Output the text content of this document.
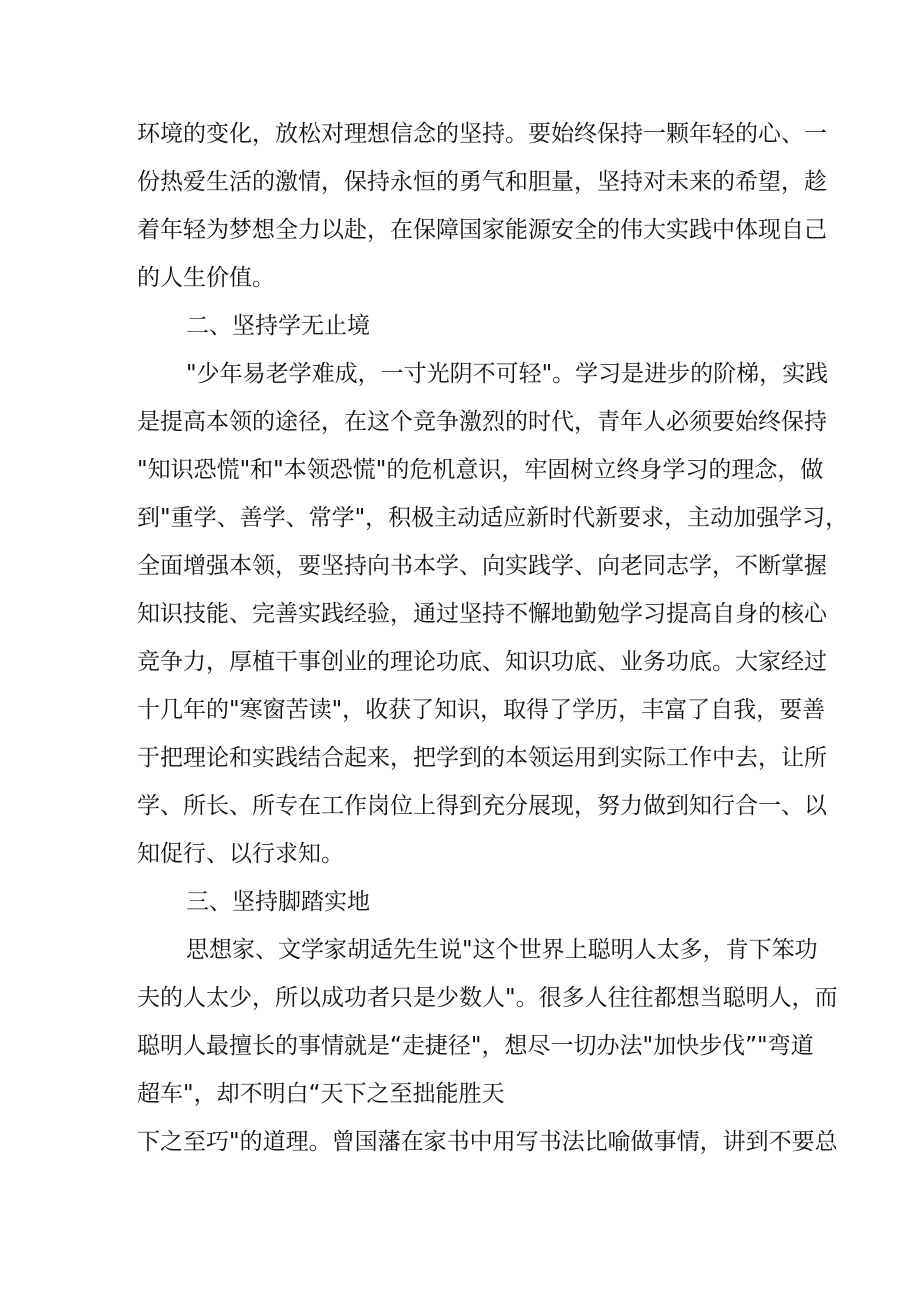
环境的变化，放松对理想信念的坚持。要始终保持一颗年轻的心、一
份热爱生活的激情，保持永恒的勇气和胆量，坚持对未来的希望，趁
着年轻为梦想全力以赴，在保障国家能源安全的伟大实践中体现自己
的人生价值。
二、坚持学无止境
"少年易老学难成，一寸光阴不可轻"。学习是进步的阶梯，实践
是提高本领的途径，在这个竞争激烈的时代，青年人必须要始终保持
"知识恐慌"和"本领恐慌"的危机意识，牢固树立终身学习的理念，做
到"重学、善学、常学"，积极主动适应新时代新要求，主动加强学习，
全面增强本领，要坚持向书本学、向实践学、向老同志学，不断掌握
知识技能、完善实践经验，通过坚持不懈地勤勉学习提高自身的核心
竞争力，厚植干事创业的理论功底、知识功底、业务功底。大家经过
十几年的"寒窗苦读"，收获了知识，取得了学历，丰富了自我，要善
于把理论和实践结合起来，把学到的本领运用到实际工作中去，让所
学、所长、所专在工作岗位上得到充分展现，努力做到知行合一、以
知促行、以行求知。
三、坚持脚踏实地
思想家、文学家胡适先生说"这个世界上聪明人太多，肯下笨功
夫的人太少，所以成功者只是少数人"。很多人往往都想当聪明人，而
聪明人最擅长的事情就是“走捷径"，想尽一切办法"加快步伐”"弯道
超车"，却不明白“天下之至拙能胜天
下之至巧"的道理。曾国藩在家书中用写书法比喻做事情，讲到不要总
